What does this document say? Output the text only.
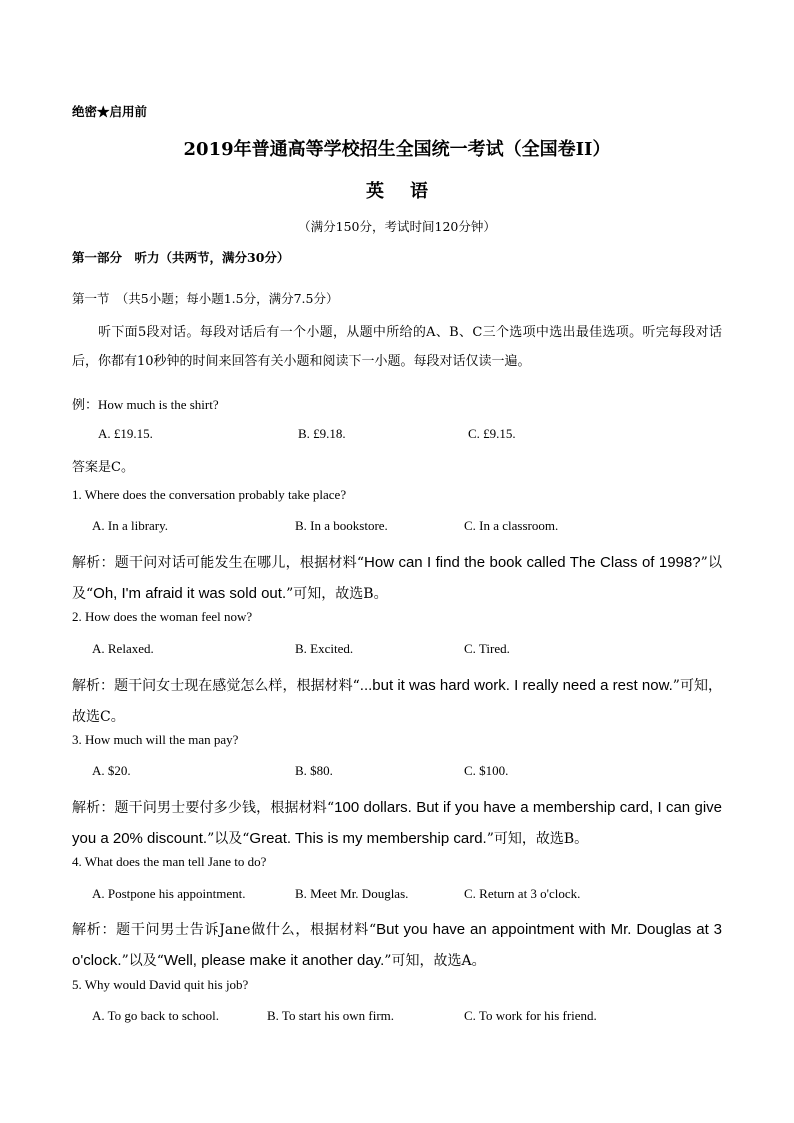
绝密★启用前
2019年普通高等学校招生全国统一考试（全国卷II）
英语
（满分150分，考试时间120分钟）
第一部分　听力（共两节，满分30分）
第一节　（共5小题；每小题1.5分，满分7.5分）
听下面5段对话。每段对话后有一个小题，从题中所给的A、B、C三个选项中选出最佳选项。听完每段对话后，你都有10秒钟的时间来回答有关小题和阅读下一小题。每段对话仅读一遍。
例：How much is the shirt?
A. £19.15.	B. £9.18.	C. £9.15.
答案是C。
1. Where does the conversation probably take place?
A. In a library.	B. In a bookstore.	C. In a classroom.
解析：题干问对话可能发生在哪儿，根据材料“How can I find the book called The Class of 1998?”以及“Oh, I'm afraid it was sold out.”可知，故选B。
2. How does the woman feel now?
A. Relaxed.	B. Excited.	C. Tired.
解析：题干问女士现在感觉怎么样，根据材料“...but it was hard work. I really need a rest now.”可知，故选C。
3. How much will the man pay?
A. $20.	B. $80.	C. $100.
解析：题干问男士要付多少钱，根据材料“100 dollars. But if you have a membership card, I can give you a 20% discount.”以及“Great. This is my membership card.”可知，故选B。
4. What does the man tell Jane to do?
A. Postpone his appointment.	B. Meet Mr. Douglas.	C. Return at 3 o'clock.
解析：题干问男士告诉Jane做什么，根据材料“But you have an appointment with Mr. Douglas at 3 o'clock.”以及“Well, please make it another day.”可知，故选A。
5. Why would David quit his job?
A. To go back to school.	B. To start his own firm.	C. To work for his friend.
